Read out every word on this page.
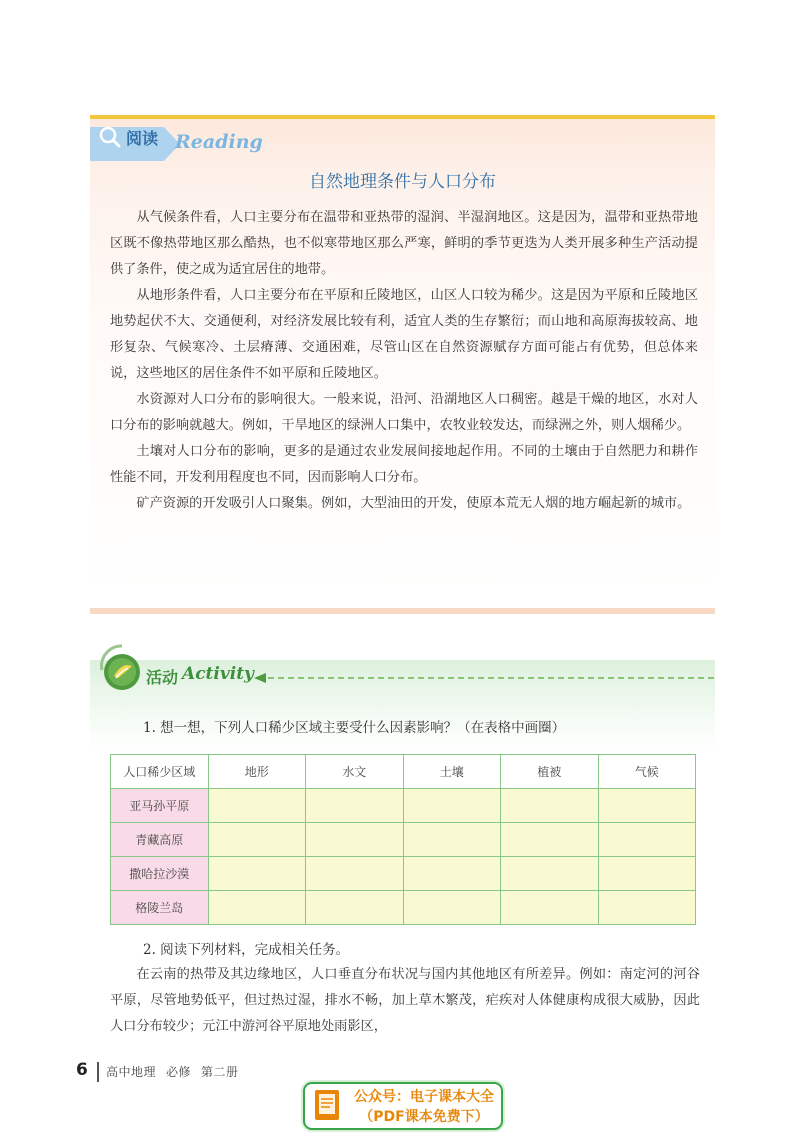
阅读 Reading
自然地理条件与人口分布

从气候条件看，人口主要分布在温带和亚热带的湿润、半湿润地区。这是因为，温带和亚热带地区既不像热带地区那么酷热，也不似寒带地区那么严寒，鲜明的季节更迭为人类开展多种生产活动提供了条件，使之成为适宜居住的地带。

从地形条件看，人口主要分布在平原和丘陵地区，山区人口较为稀少。这是因为平原和丘陵地区地势起伏不大、交通便利，对经济发展比较有利，适宜人类的生存繁衍；而山地和高原海拔较高、地形复杂、气候寒冷、土层瘠薄、交通困难，尽管山区在自然资源赋存方面可能占有优势，但总体来说，这些地区的居住条件不如平原和丘陵地区。

水资源对人口分布的影响很大。一般来说，沿河、沿湖地区人口稠密。越是干燥的地区，水对人口分布的影响就越大。例如，干旱地区的绿洲人口集中，农牧业较发达，而绿洲之外，则人烟稀少。

土壤对人口分布的影响，更多的是通过农业发展间接地起作用。不同的土壤由于自然肥力和耕作性能不同，开发利用程度也不同，因而影响人口分布。

矿产资源的开发吸引人口聚集。例如，大型油田的开发，使原本荒无人烟的地方崛起新的城市。

活动 Activity
1. 想一想，下列人口稀少区域主要受什么因素影响？（在表格中画圈）
人口稀少区域	地形	水文	土壤	植被	气候
亚马孙平原					
青藏高原					
撒哈拉沙漠					
格陵兰岛					
2. 阅读下列材料，完成相关任务。

在云南的热带及其边缘地区，人口垂直分布状况与国内其他地区有所差异。例如：南定河的河谷平原，尽管地势低平，但过热过湿，排水不畅，加上草木繁茂，疟疾对人体健康构成很大威胁，因此人口分布较少；元江中游河谷平原地处雨影区，

6 高中地理 必修 第二册
公众号：电子课本大全
（PDF课本免费下）
